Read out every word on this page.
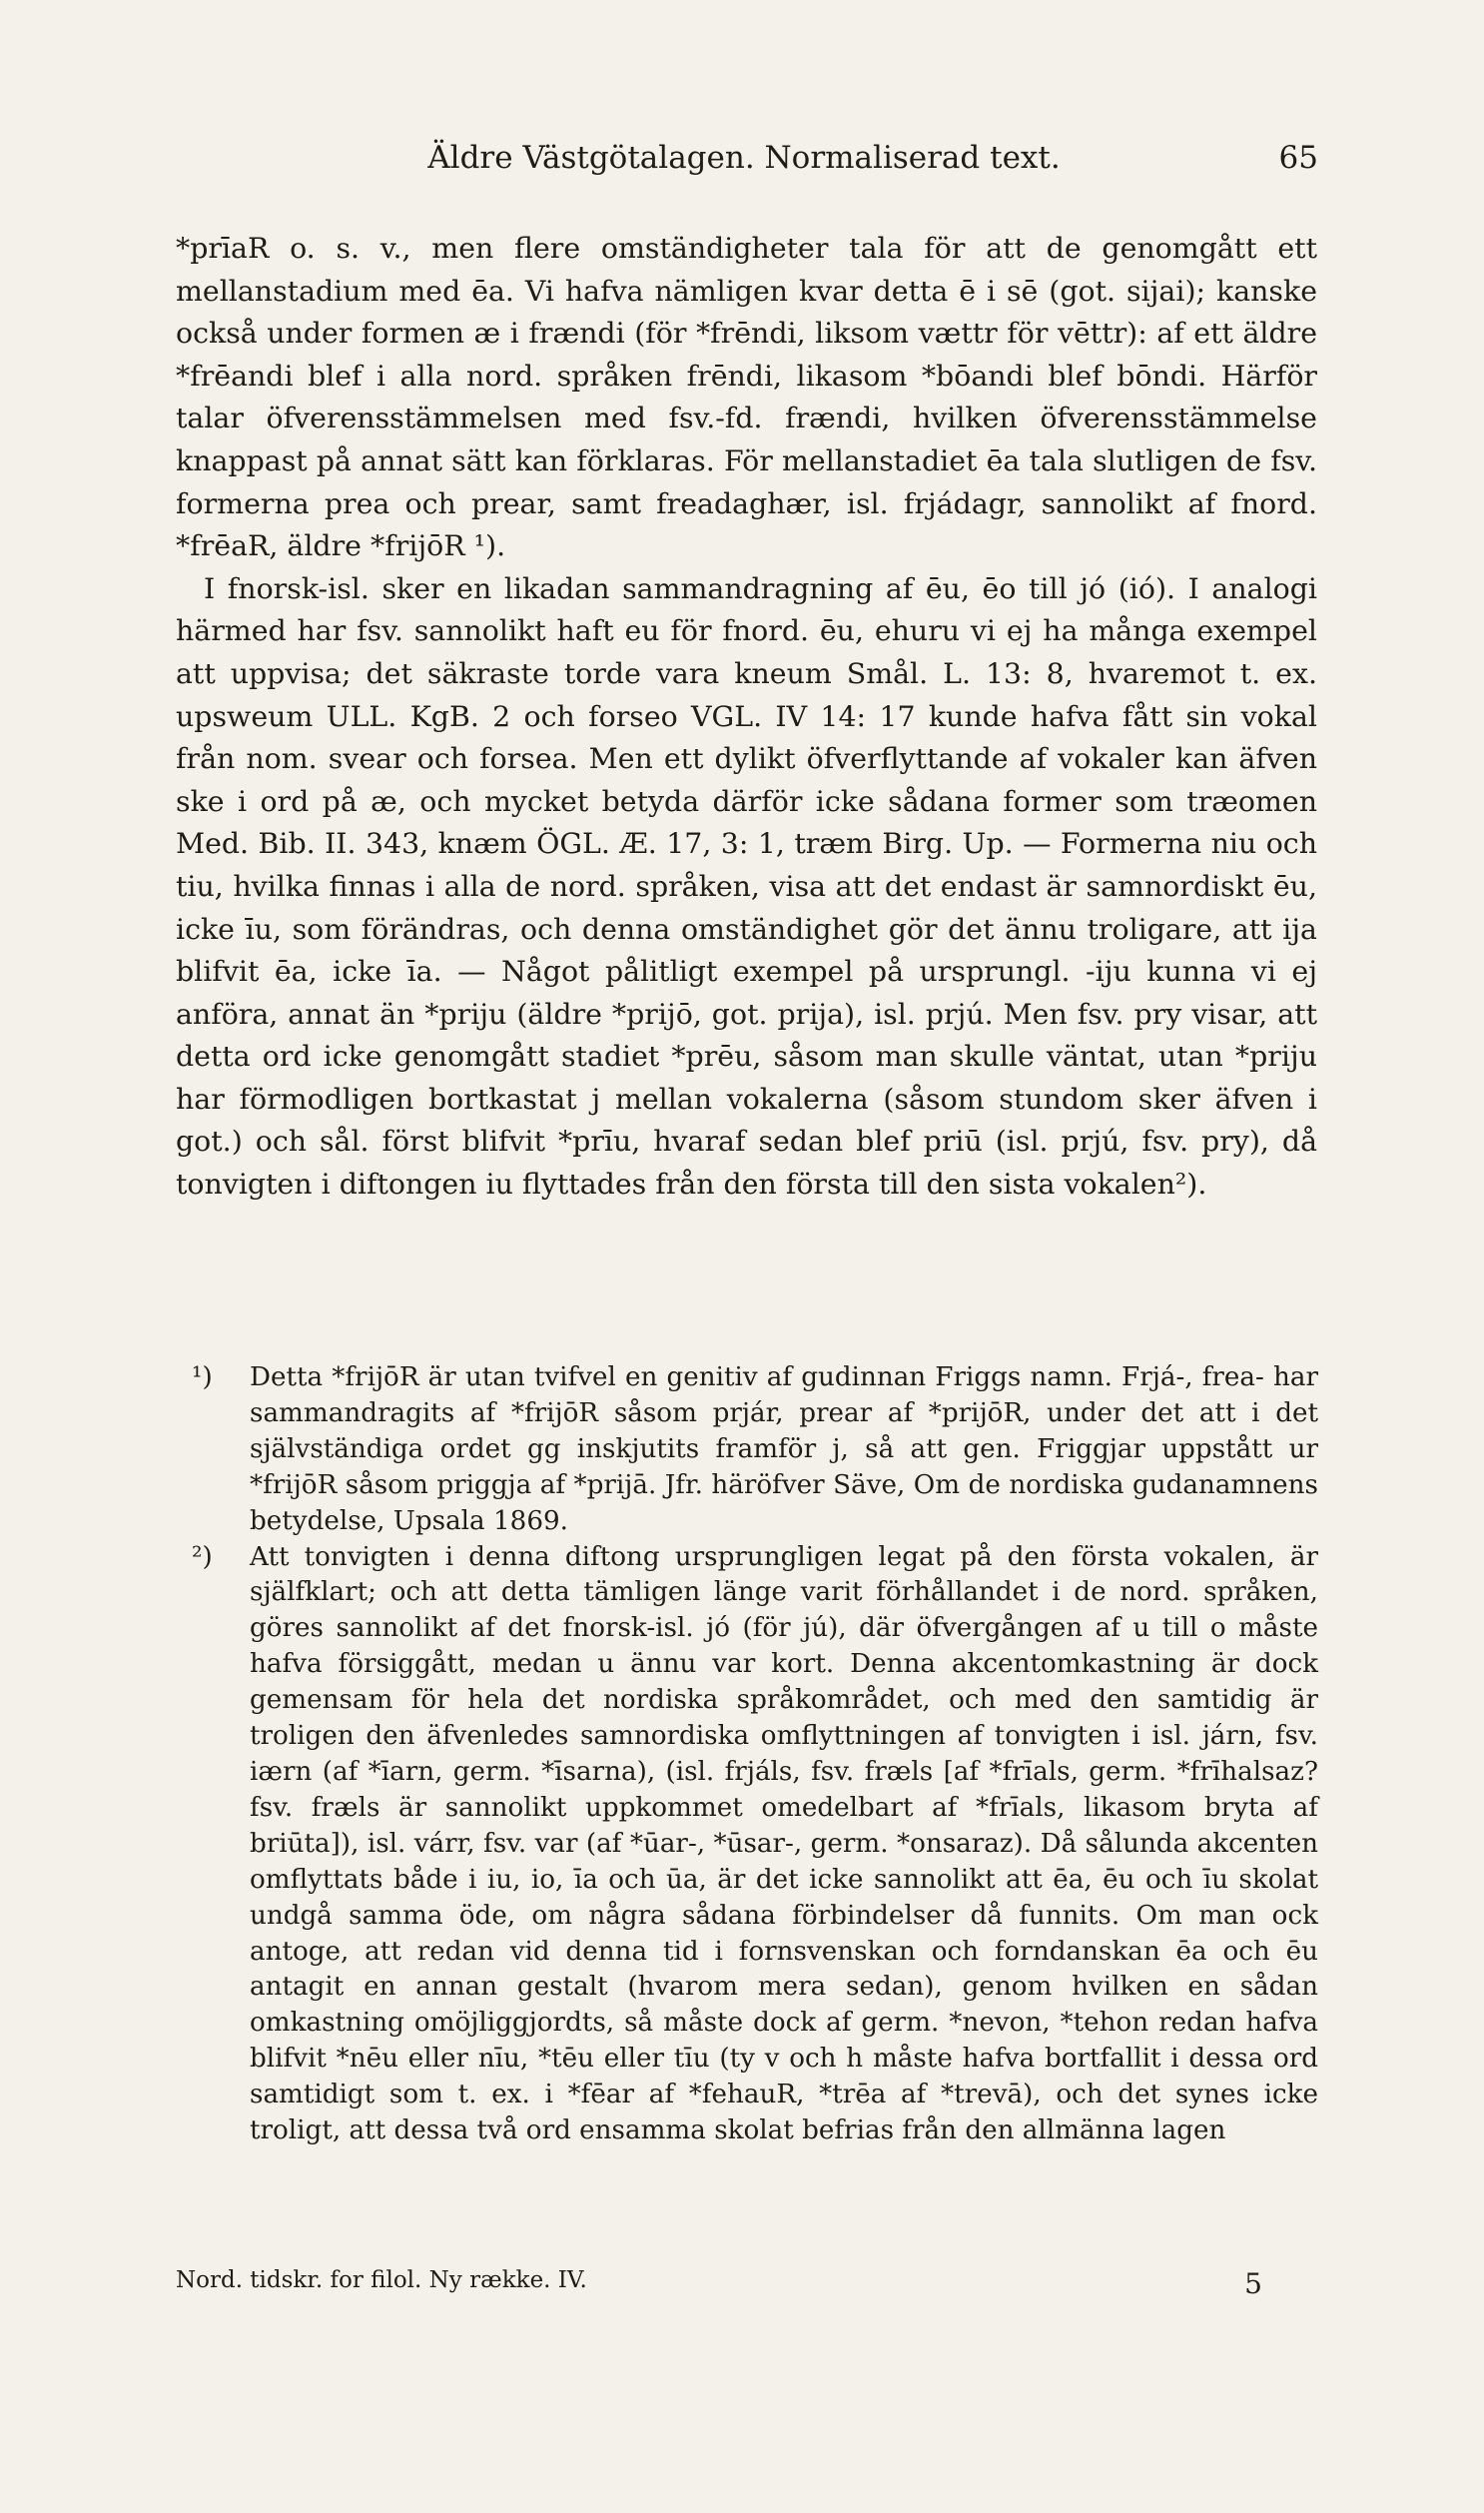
Äldre Västgötalagen. Normaliserad text.	65

*prīaR o. s. v., men flere omständigheter tala för att de genomgått ett mellanstadium med ēa. Vi hafva nämligen kvar detta ē i sē (got. sijai); kanske också under formen æ i frændi (för *frēndi, liksom vættr för vēttr): af ett äldre *frēandi blef i alla nord. språken frēndi, likasom *bōandi blef bōndi. Härför talar öfverensstämmelsen med fsv.-fd. frændi, hvilken öfverensstämmelse knappast på annat sätt kan förklaras. För mellanstadiet ēa tala slutligen de fsv. formerna prea och prear, samt freadaghær, isl. frjádagr, sannolikt af fnord. *frēaR, äldre *frijōR ¹).

I fnorsk-isl. sker en likadan sammandragning af ēu, ēo till jó (ió). I analogi härmed har fsv. sannolikt haft eu för fnord. ēu, ehuru vi ej ha många exempel att uppvisa; det säkraste torde vara kneum Smål. L. 13: 8, hvaremot t. ex. upsweum ULL. KgB. 2 och forseo VGL. IV 14: 17 kunde hafva fått sin vokal från nom. svear och forsea. Men ett dylikt öfverflyttande af vokaler kan äfven ske i ord på æ, och mycket betyda därför icke sådana former som træomen Med. Bib. II. 343, knæm ÖGL. Æ. 17, 3: 1, træm Birg. Up. — Formerna niu och tiu, hvilka finnas i alla de nord. språken, visa att det endast är samnordiskt ēu, icke īu, som förändras, och denna omständighet gör det ännu troligare, att ija blifvit ēa, icke īa. — Något pålitligt exempel på ursprungl. -iju kunna vi ej anföra, annat än *priju (äldre *prijō, got. prija), isl. prjú. Men fsv. pry visar, att detta ord icke genomgått stadiet *prēu, såsom man skulle väntat, utan *priju har förmodligen bortkastat j mellan vokalerna (såsom stundom sker äfven i got.) och sål. först blifvit *prīu, hvaraf sedan blef priū (isl. prjú, fsv. pry), då tonvigten i diftongen iu flyttades från den första till den sista vokalen²).

¹) Detta *frijōR är utan tvifvel en genitiv af gudinnan Friggs namn. Frjá-, frea- har sammandragits af *frijōR såsom prjár, prear af *prijōR, under det att i det självständiga ordet gg inskjutits framför j, så att gen. Friggjar uppstått ur *frijōR såsom priggja af *prijā. Jfr. häröfver Säve, Om de nordiska gudanamnens betydelse, Upsala 1869.

²) Att tonvigten i denna diftong ursprungligen legat på den första vokalen, är själfklart; och att detta tämligen länge varit förhållandet i de nord. språken, göres sannolikt af det fnorsk-isl. jó (för jú), där öfvergången af u till o måste hafva försiggått, medan u ännu var kort. Denna akcentomkastning är dock gemensam för hela det nordiska språkområdet, och med den samtidig är troligen den äfvenledes samnordiska omflyttningen af tonvigten i isl. járn, fsv. iærn (af *īarn, germ. *īsarna), (isl. frjáls, fsv. fræls [af *frīals, germ. *frīhalsaz? fsv. fræls är sannolikt uppkommet omedelbart af *frīals, likasom bryta af briūta]), isl. várr, fsv. var (af *ūar-, *ūsar-, germ. *onsaraz). Då sålunda akcenten omflyttats både i iu, io, īa och ūa, är det icke sannolikt att ēa, ēu och īu skolat undgå samma öde, om några sådana förbindelser då funnits. Om man ock antoge, att redan vid denna tid i fornsvenskan och forndanskan ēa och ēu antagit en annan gestalt (hvarom mera sedan), genom hvilken en sådan omkastning omöjliggjordts, så måste dock af germ. *nevon, *tehon redan hafva blifvit *nēu eller nīu, *tēu eller tīu (ty v och h måste hafva bortfallit i dessa ord samtidigt som t. ex. i *fēar af *fehauR, *trēa af *trevā), och det synes icke troligt, att dessa två ord ensamma skolat befrias från den allmänna lagen

Nord. tidskr. for filol. Ny række. IV.	5
